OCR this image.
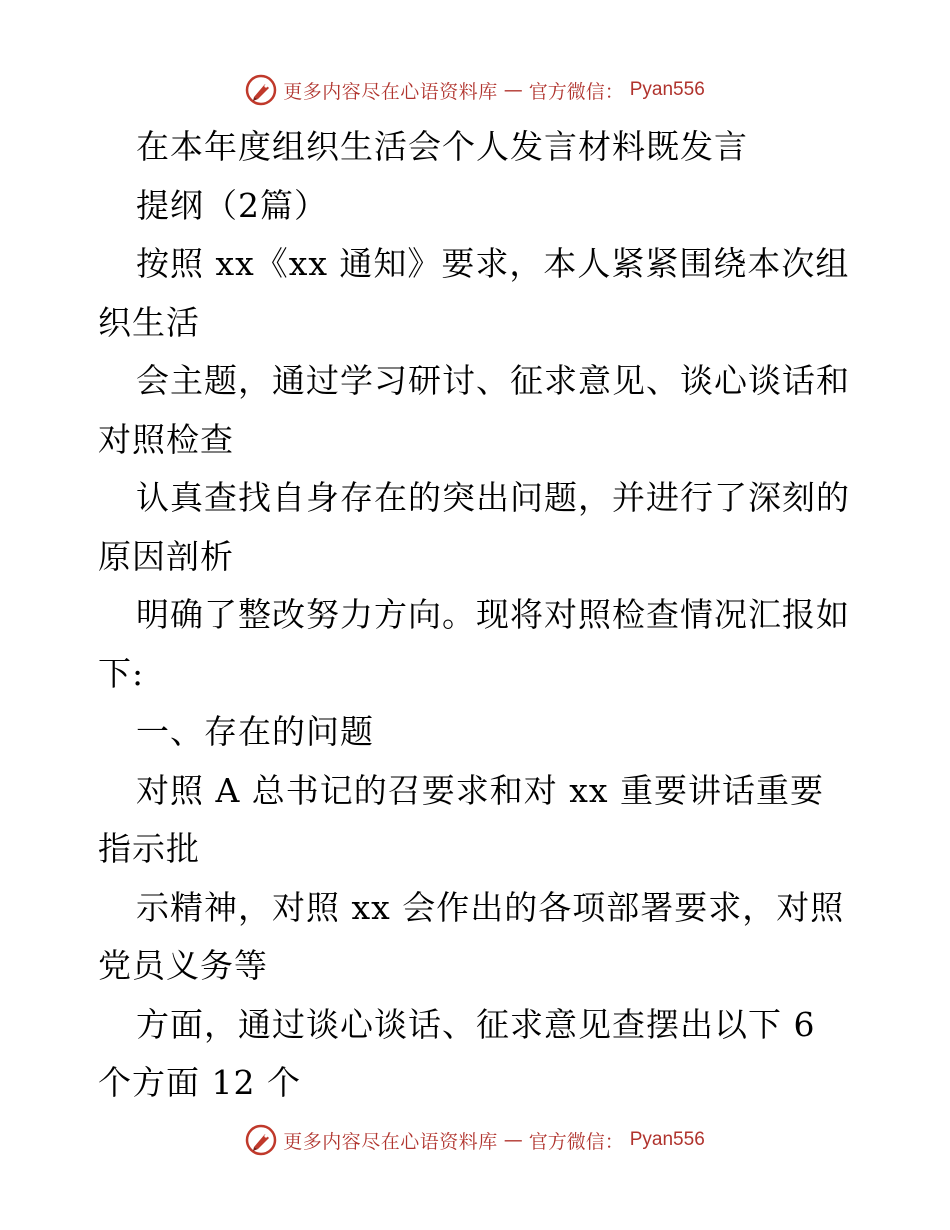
更多内容尽在心语资料库 — 官方微信： Pyan556
在本年度组织生活会个人发言材料既发言
提纲（2篇）
按照 xx《xx 通知》要求，本人紧紧围绕本次组
织生活
会主题，通过学习研讨、征求意见、谈心谈话和
对照检查
认真查找自身存在的突出问题，并进行了深刻的
原因剖析
明确了整改努力方向。现将对照检查情况汇报如
下:
一、存在的问题
对照 A 总书记的召要求和对 xx 重要讲话重要
指示批
示精神，对照 xx 会作出的各项部署要求，对照
党员义务等
方面，通过谈心谈话、征求意见查摆出以下 6
个方面 12 个
更多内容尽在心语资料库 — 官方微信： Pyan556
